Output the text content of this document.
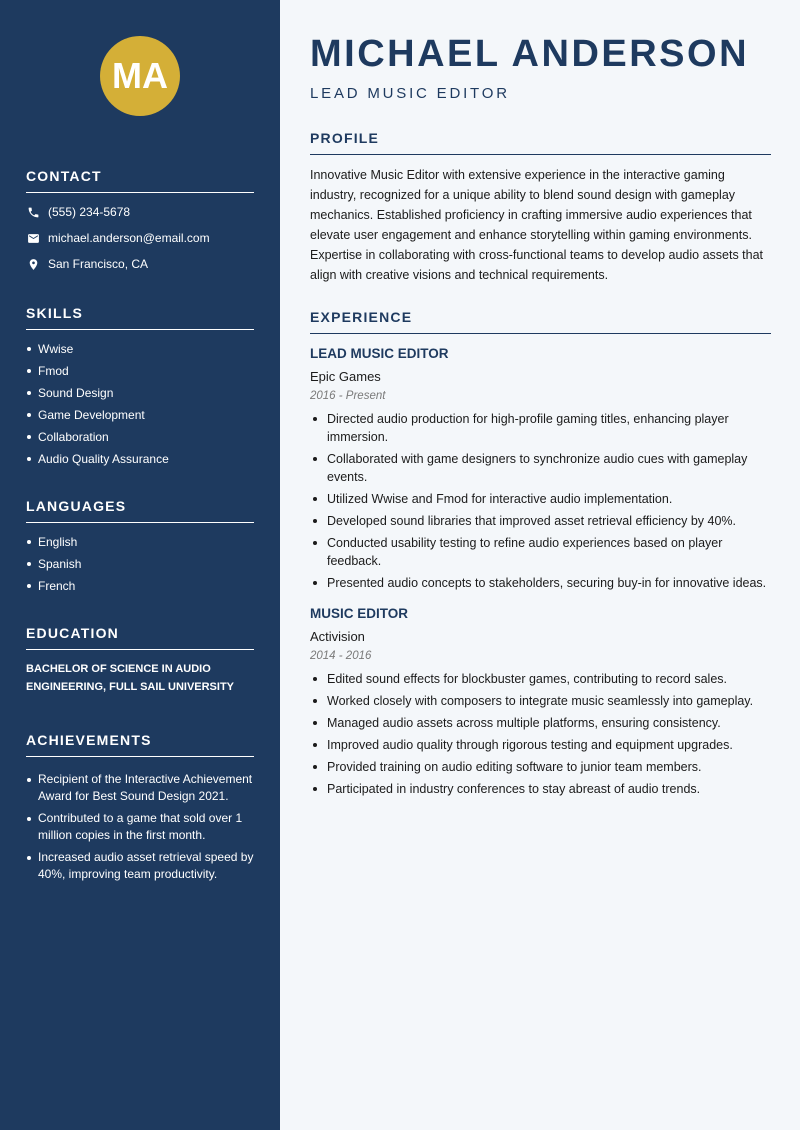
MA
CONTACT
(555) 234-5678
michael.anderson@email.com
San Francisco, CA
SKILLS
Wwise
Fmod
Sound Design
Game Development
Collaboration
Audio Quality Assurance
LANGUAGES
English
Spanish
French
EDUCATION

BACHELOR OF SCIENCE IN AUDIO ENGINEERING, FULL SAIL UNIVERSITY

ACHIEVEMENTS
Recipient of the Interactive Achievement Award for Best Sound Design 2021.
Contributed to a game that sold over 1 million copies in the first month.
Increased audio asset retrieval speed by 40%, improving team productivity.
MICHAEL ANDERSON
LEAD MUSIC EDITOR
PROFILE

Innovative Music Editor with extensive experience in the interactive gaming industry, recognized for a unique ability to blend sound design with gameplay mechanics. Established proficiency in crafting immersive audio experiences that elevate user engagement and enhance storytelling within gaming environments. Expertise in collaborating with cross-functional teams to develop audio assets that align with creative visions and technical requirements.

EXPERIENCE
LEAD MUSIC EDITOR
Epic Games
2016 - Present
Directed audio production for high-profile gaming titles, enhancing player immersion.
Collaborated with game designers to synchronize audio cues with gameplay events.
Utilized Wwise and Fmod for interactive audio implementation.
Developed sound libraries that improved asset retrieval efficiency by 40%.
Conducted usability testing to refine audio experiences based on player feedback.
Presented audio concepts to stakeholders, securing buy-in for innovative ideas.
MUSIC EDITOR
Activision
2014 - 2016
Edited sound effects for blockbuster games, contributing to record sales.
Worked closely with composers to integrate music seamlessly into gameplay.
Managed audio assets across multiple platforms, ensuring consistency.
Improved audio quality through rigorous testing and equipment upgrades.
Provided training on audio editing software to junior team members.
Participated in industry conferences to stay abreast of audio trends.
